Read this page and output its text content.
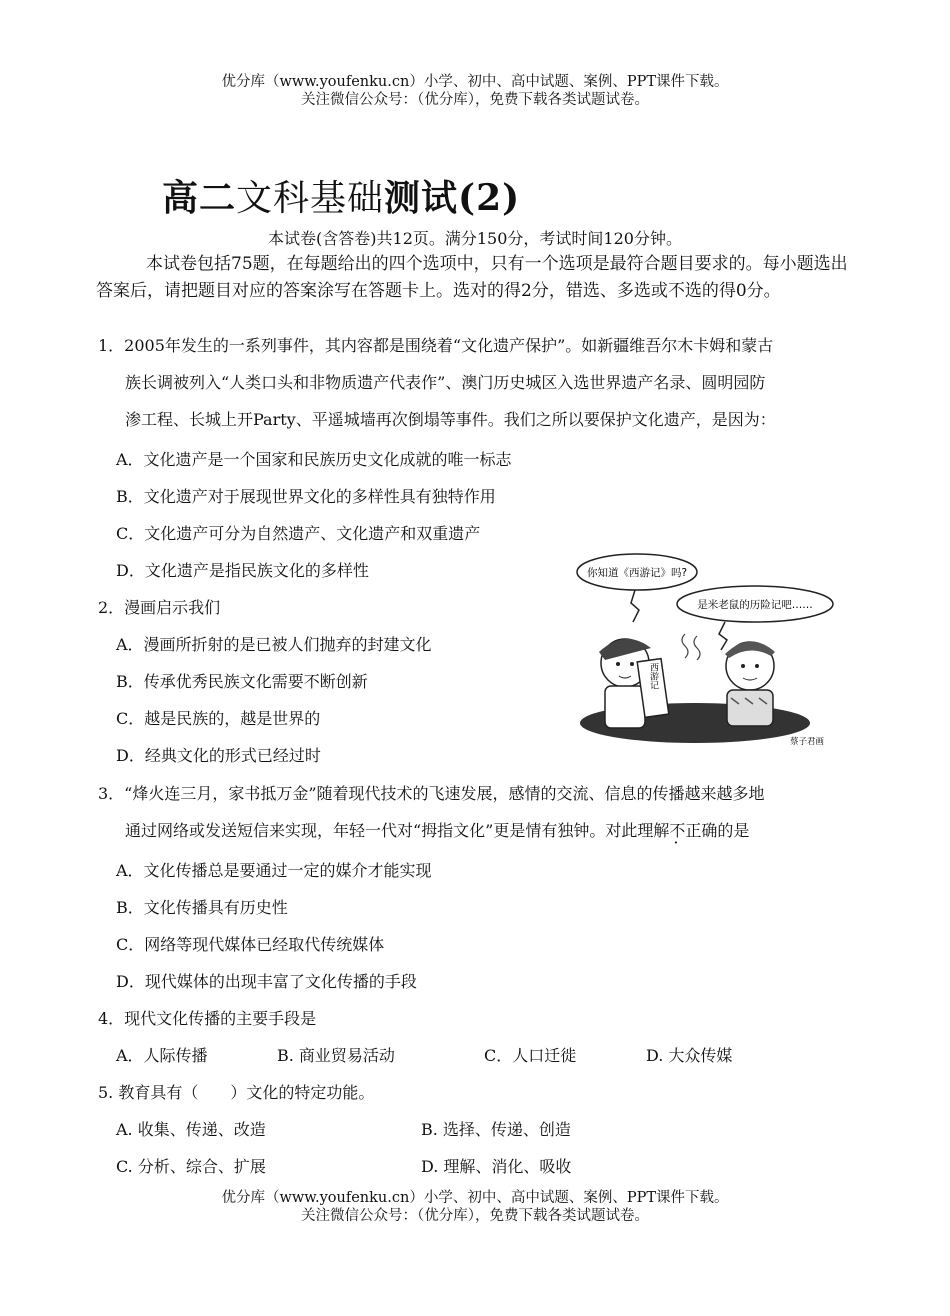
优分库（www.youfenku.cn）小学、初中、高中试题、案例、PPT课件下载。
关注微信公众号：（优分库），免费下载各类试题试卷。
高二文科基础测试(2)
本试卷(含答卷)共12页。满分150分，考试时间120分钟。
本试卷包括75题，在每题给出的四个选项中，只有一个选项是最符合题目要求的。每小题选出答案后，请把题目对应的答案涂写在答题卡上。选对的得2分，错选、多选或不选的得0分。
1．2005年发生的一系列事件，其内容都是围绕着“文化遗产保护”。如新疆维吾尔木卡姆和蒙古
族长调被列入“人类口头和非物质遗产代表作”、澳门历史城区入选世界遗产名录、圆明园防
渗工程、长城上开Party、平遥城墙再次倒塌等事件。我们之所以要保护文化遗产，是因为：
A．文化遗产是一个国家和民族历史文化成就的唯一标志
B．文化遗产对于展现世界文化的多样性具有独特作用
C．文化遗产可分为自然遗产、文化遗产和双重遗产
D．文化遗产是指民族文化的多样性
2．漫画启示我们
A．漫画所折射的是已被人们抛弃的封建文化
B．传承优秀民族文化需要不断创新
C．越是民族的，越是世界的
D．经典文化的形式已经过时
你知道《西游记》吗?
是米老鼠的历险记吧……
西游记
蔡子君画
3．“烽火连三月，家书抵万金”随着现代技术的飞速发展，感情的交流、信息的传播越来越多地
通过网络或发送短信来实现，年轻一代对“拇指文化”更是情有独钟。对此理解不正确的是
A．文化传播总是要通过一定的媒介才能实现
B．文化传播具有历史性
C．网络等现代媒体已经取代传统媒体
D．现代媒体的出现丰富了文化传播的手段
4．现代文化传播的主要手段是
A．人际传播	B. 商业贸易活动	C．人口迁徙	D. 大众传媒
5. 教育具有（　　）文化的特定功能。
A. 收集、传递、改造	B. 选择、传递、创造
C. 分析、综合、扩展	D. 理解、消化、吸收
优分库（www.youfenku.cn）小学、初中、高中试题、案例、PPT课件下载。
关注微信公众号：（优分库），免费下载各类试题试卷。
